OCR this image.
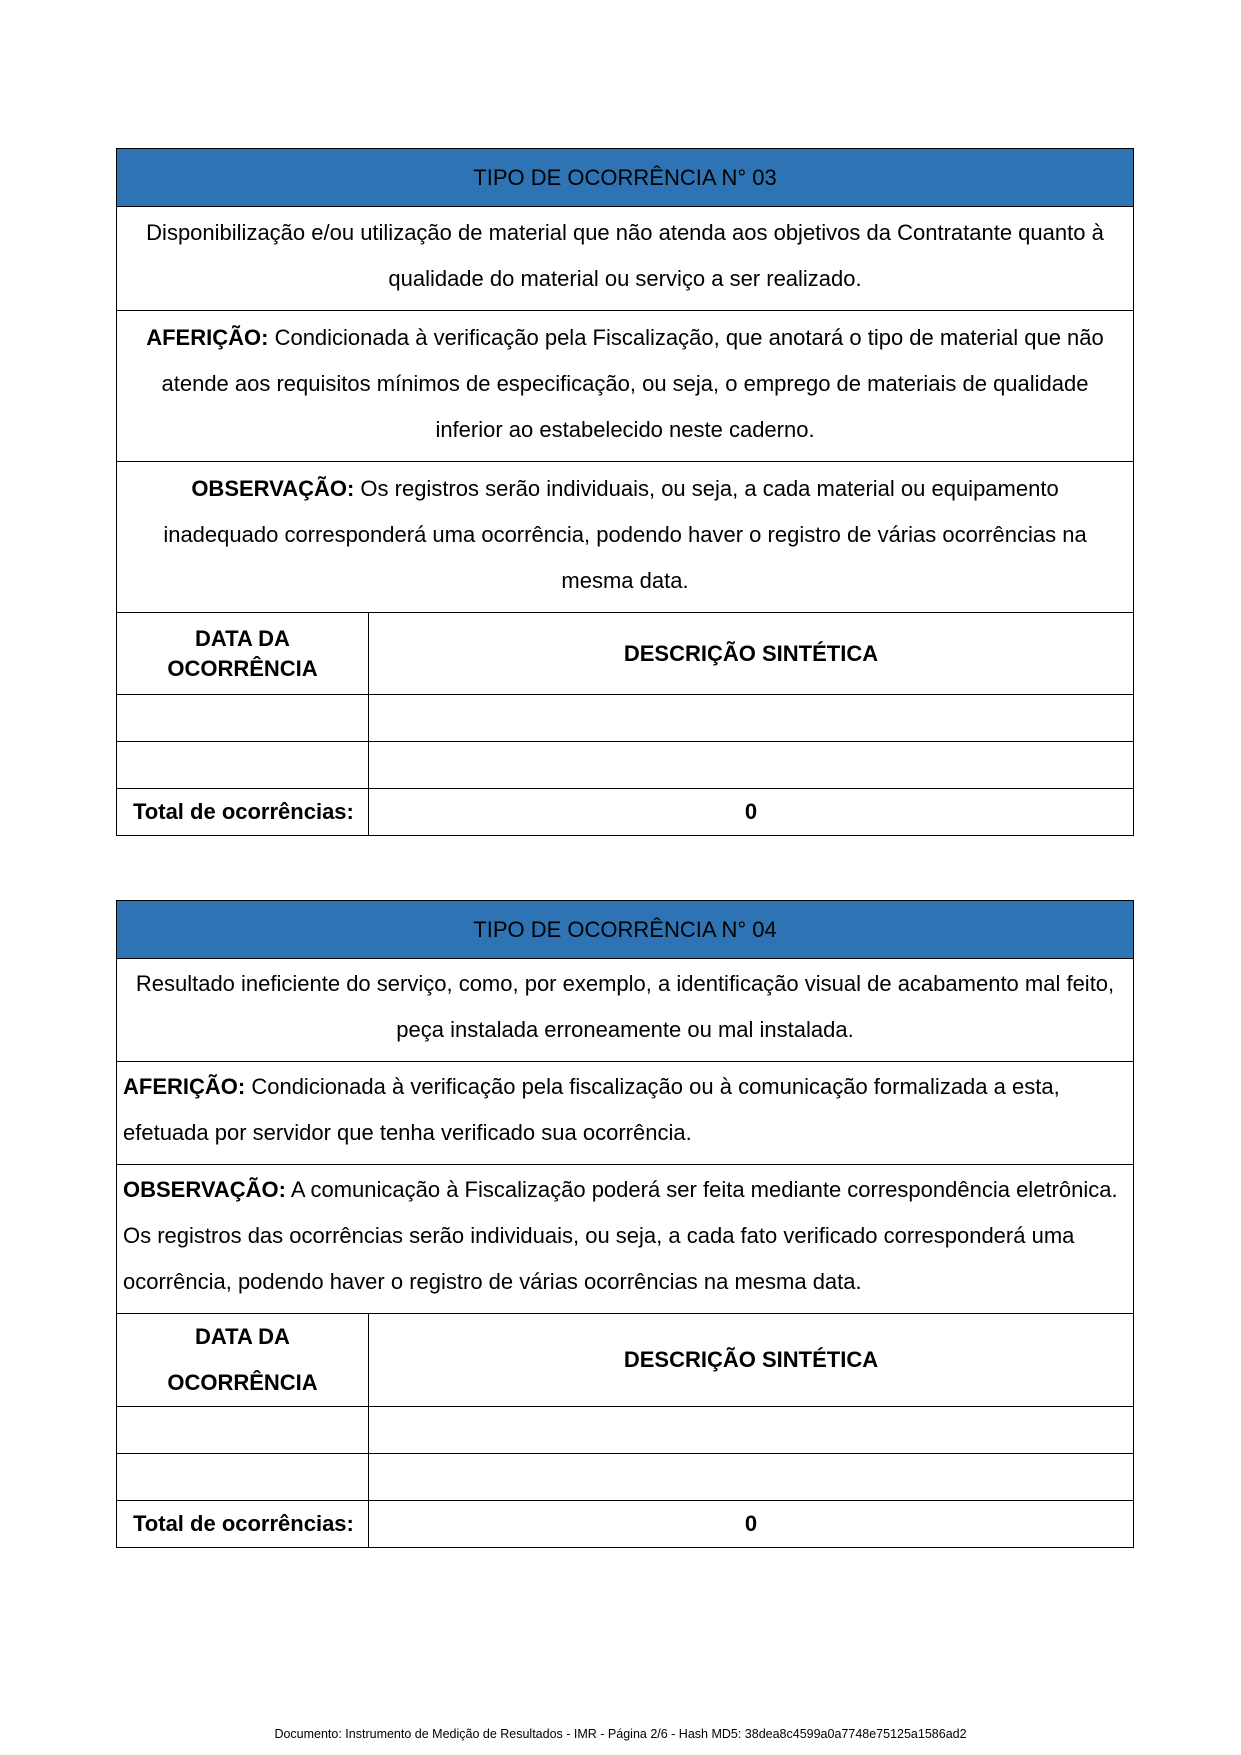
TIPO DE OCORRÊNCIA N° 03	
Disponibilização e/ou utilização de material que não atenda aos objetivos da Contratante quanto à qualidade do material ou serviço a ser realizado.	
AFERIÇÃO: Condicionada à verificação pela Fiscalização, que anotará o tipo de material que não atende aos requisitos mínimos de especificação, ou seja, o emprego de materiais de qualidade inferior ao estabelecido neste caderno.	
OBSERVAÇÃO: Os registros serão individuais, ou seja, a cada material ou equipamento inadequado corresponderá uma ocorrência, podendo haver o registro de várias ocorrências na mesma data.	
DATA DA OCORRÊNCIA	DESCRIÇÃO SINTÉTICA

Total de ocorrências:	0
TIPO DE OCORRÊNCIA N° 04	
Resultado ineficiente do serviço, como, por exemplo, a identificação visual de acabamento mal feito, peça instalada erroneamente ou mal instalada.	
AFERIÇÃO: Condicionada à verificação pela fiscalização ou à comunicação formalizada a esta, efetuada por servidor que tenha verificado sua ocorrência.	
OBSERVAÇÃO: A comunicação à Fiscalização poderá ser feita mediante correspondência eletrônica. Os registros das ocorrências serão individuais, ou seja, a cada fato verificado corresponderá uma ocorrência, podendo haver o registro de várias ocorrências na mesma data.	
DATA DA OCORRÊNCIA	DESCRIÇÃO SINTÉTICA

Total de ocorrências:	0
Documento: Instrumento de Medição de Resultados - IMR - Página 2/6 - Hash MD5: 38dea8c4599a0a7748e75125a1586ad2
